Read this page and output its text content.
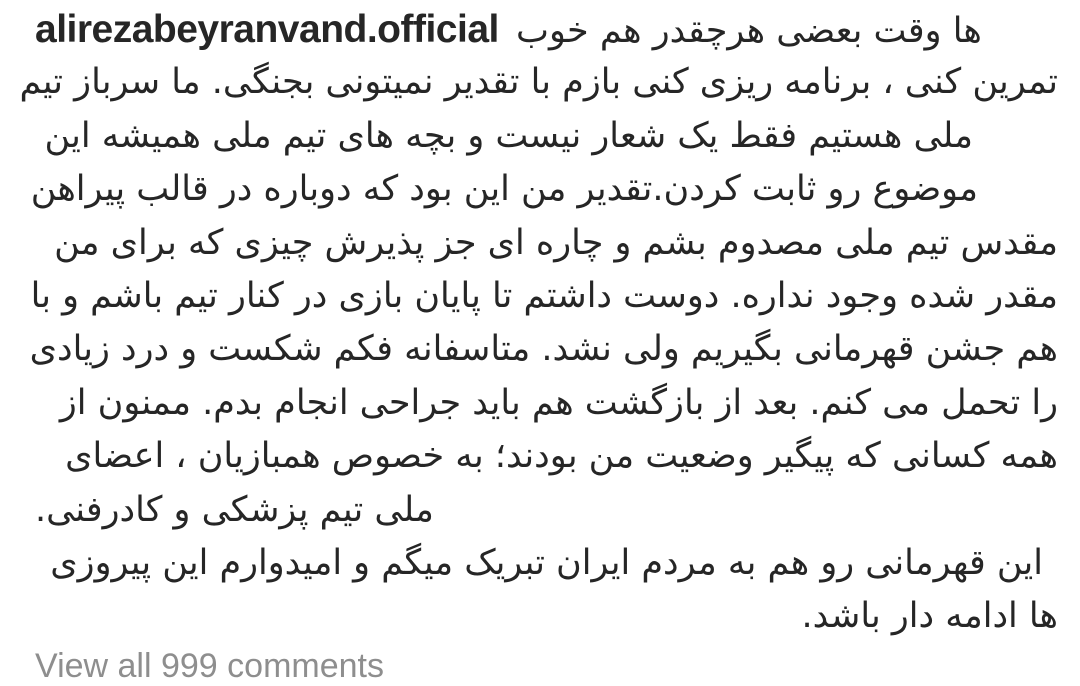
alirezabeyranvand.official خوب هم هرچقدر بعضی وقت ها
تمرین کنی ، برنامه ریزی کنی بازم با تقدیر نمیتونی بجنگی. ما سرباز تیم
ملی هستیم فقط یک شعار نیست و بچه های تیم ملی همیشه این
موضوع رو ثابت کردن.تقدیر من این بود که دوباره در قالب پیراهن
مقدس تیم ملی مصدوم بشم و چاره ای جز پذیرش چیزی که برای من
مقدر شده وجود نداره. دوست داشتم تا پایان بازی در کنار تیم باشم و با
هم جشن قهرمانی بگیریم ولی نشد. متاسفانه فکم شکست و درد زیادی
را تحمل می کنم. بعد از بازگشت هم باید جراحی انجام بدم. ممنون از
همه کسانی که پیگیر وضعیت من بودند؛ به خصوص همبازیان ، اعضای
کادرفنی. و پزشکی تیم ملی
این قهرمانی رو هم به مردم ایران تبریک میگم و امیدوارم این پیروزی
ها ادامه دار باشد.
View all 999 comments
